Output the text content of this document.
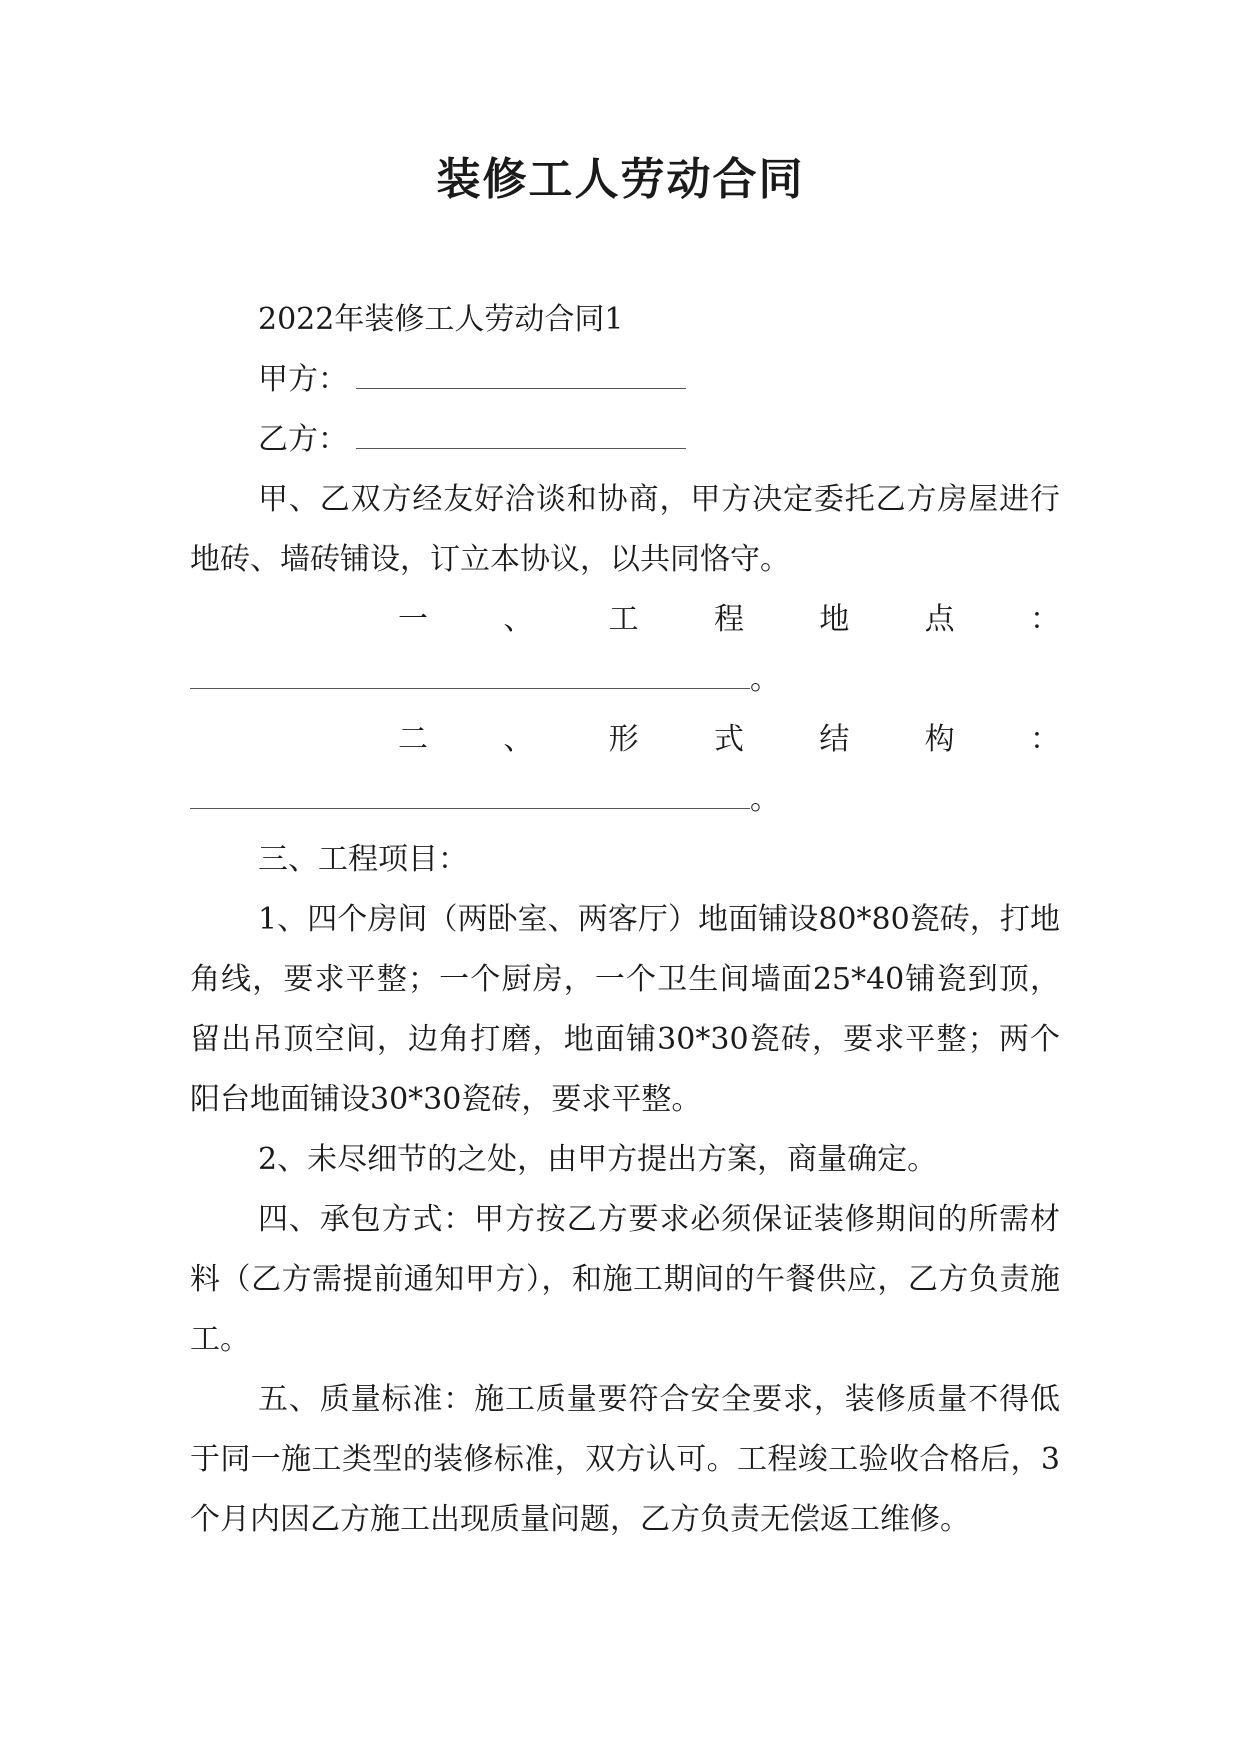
装修工人劳动合同

2022年装修工人劳动合同1

甲方：

乙方：

甲、乙双方经友好洽谈和协商，甲方决定委托乙方房屋进行地砖、墙砖铺设，订立本协议，以共同恪守。

一	、	工	程	地	点	：

。

二	、	形	式	结	构	：

。

三、工程项目：

1、四个房间（两卧室、两客厅）地面铺设80*80瓷砖，打地角线，要求平整；一个厨房，一个卫生间墙面25*40铺瓷到顶，留出吊顶空间，边角打磨，地面铺30*30瓷砖，要求平整；两个阳台地面铺设30*30瓷砖，要求平整。

2、未尽细节的之处，由甲方提出方案，商量确定。

四、承包方式：甲方按乙方要求必须保证装修期间的所需材料（乙方需提前通知甲方），和施工期间的午餐供应，乙方负责施工。

五、质量标准：施工质量要符合安全要求，装修质量不得低于同一施工类型的装修标准，双方认可。工程竣工验收合格后，3个月内因乙方施工出现质量问题，乙方负责无偿返工维修。
